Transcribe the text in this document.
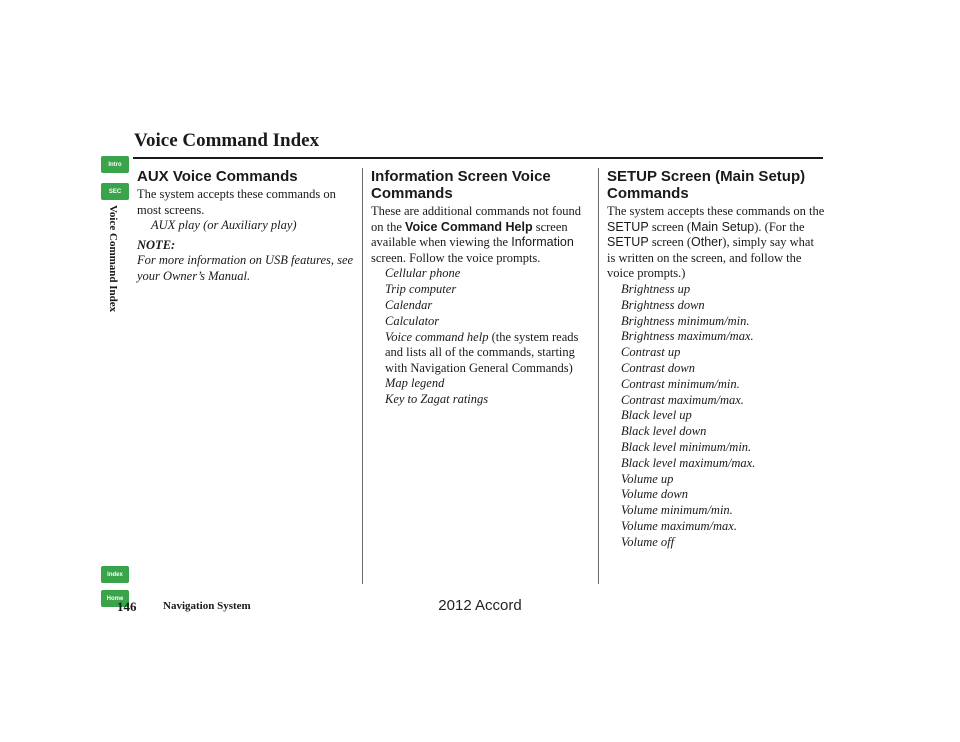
Voice Command Index
Intro
SEC
Voice Command Index
Index
Home
AUX Voice Commands

The system accepts these commands on most screens.

AUX play (or Auxiliary play)

NOTE:

For more information on USB features, see your Owner’s Manual.

Information Screen Voice Commands

These are additional commands not found on the Voice Command Help screen available when viewing the Information screen. Follow the voice prompts.

Cellular phone
Trip computer
Calendar
Calculator

Voice command help (the system reads and lists all of the commands, starting with Navigation General Commands)

Map legend
Key to Zagat ratings
SETUP Screen (Main Setup) Commands

The system accepts these commands on the SETUP screen (Main Setup). (For the SETUP screen (Other), simply say what is written on the screen, and follow the voice prompts.)

Brightness up
Brightness down
Brightness minimum/min.
Brightness maximum/max.
Contrast up
Contrast down
Contrast minimum/min.
Contrast maximum/max.
Black level up
Black level down
Black level minimum/min.
Black level maximum/max.
Volume up
Volume down
Volume minimum/min.
Volume maximum/max.
Volume off
146 Navigation System	2012 Accord
